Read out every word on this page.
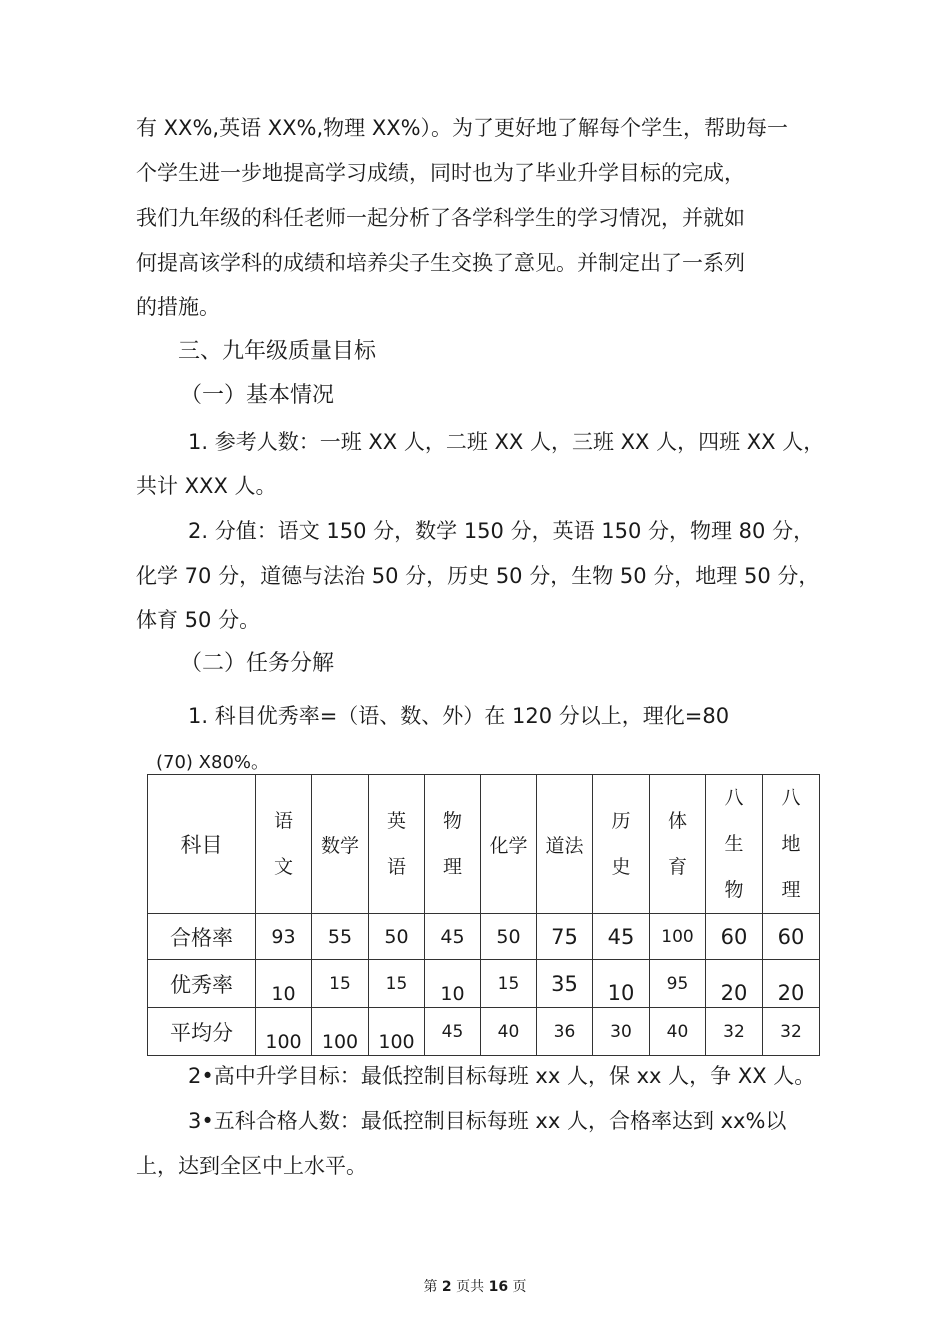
有 XX%,英语 XX%,物理 XX%）。为了更好地了解每个学生，帮助每一
个学生进一步地提高学习成绩，同时也为了毕业升学目标的完成，
我们九年级的科任老师一起分析了各学科学生的学习情况，并就如
何提高该学科的成绩和培养尖子生交换了意见。并制定出了一系列
的措施。
三、九年级质量目标
（一）基本情况
1. 参考人数：一班 XX 人，二班 XX 人，三班 XX 人，四班 XX 人，
共计 XXX 人。
2. 分值：语文 150 分，数学 150 分，英语 150 分，物理 80 分，
化学 70 分，道德与法治 50 分，历史 50 分，生物 50 分，地理 50 分，
体育 50 分。
（二）任务分解
1. 科目优秀率=（语、数、外）在 120 分以上，理化=80
(70) X80%。
科目	语文	数学	英语	物理	化学	道法	历史	体育	八生物	八地理
合格率	93	55	50	45	50	75	45	100	60	60
优秀率	10	15	15	10	15	35	10	95	20	20
平均分	100	100	100	45	40	36	30	40	32	32
2•高中升学目标：最低控制目标每班 xx 人，保 xx 人，争 XX 人。
3•五科合格人数：最低控制目标每班 xx 人，合格率达到 xx%以
上，达到全区中上水平。
第 2 页共 16 页
